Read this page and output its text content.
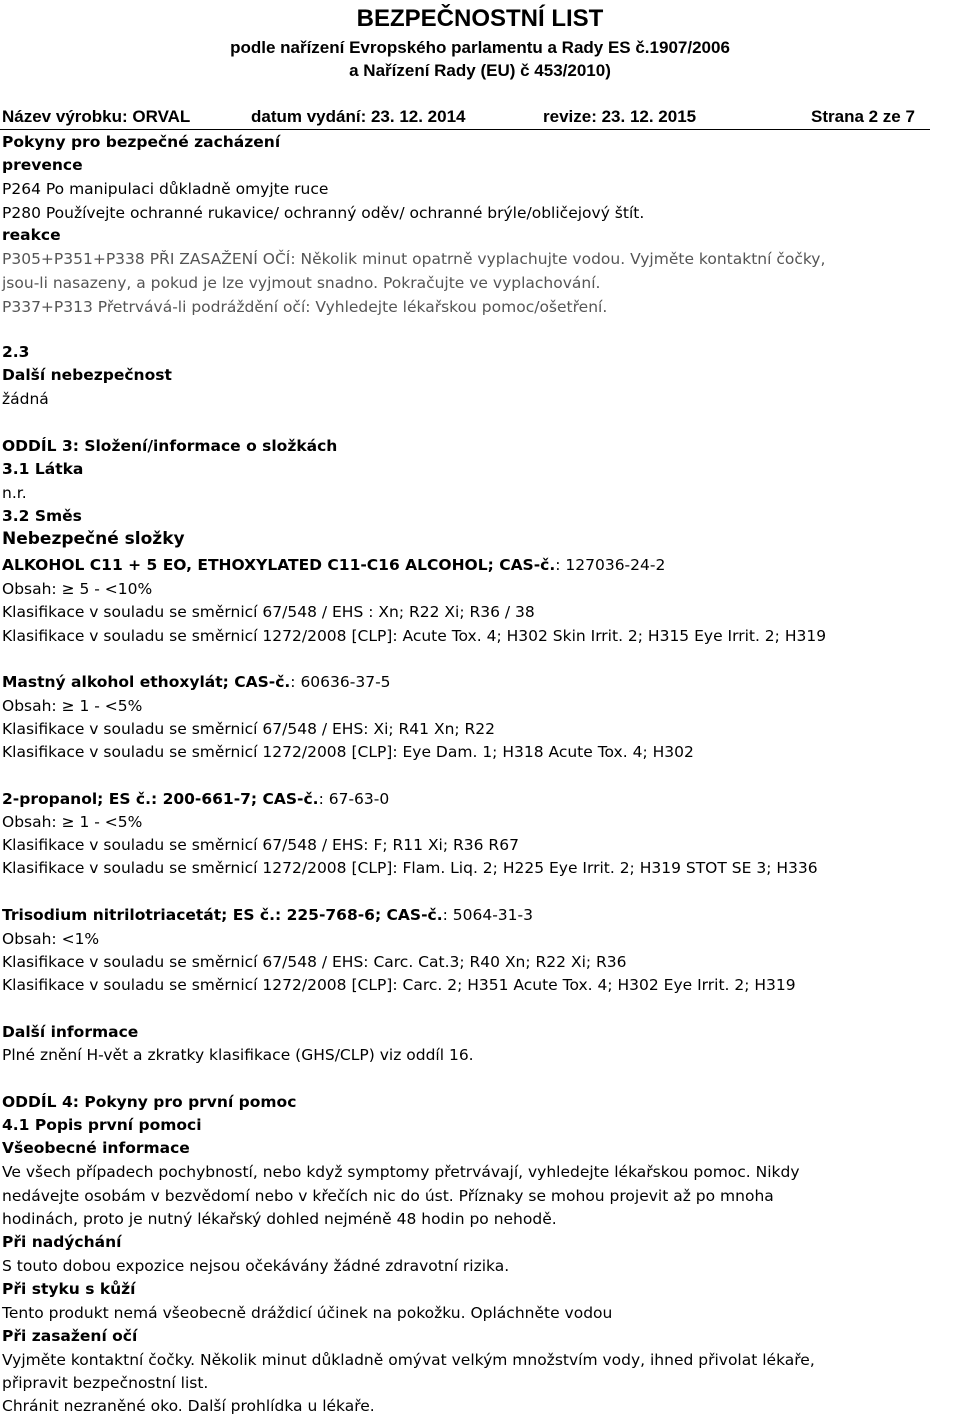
BEZPEČNOSTNÍ LIST
podle nařízení Evropského parlamentu a Rady ES č.1907/2006
a Nařízení Rady (EU) č 453/2010)
Název výrobku: ORVAL	datum vydání: 23. 12. 2014	revize: 23. 12. 2015	Strana 2 ze 7
Pokyny pro bezpečné zacházení
prevence
P264 Po manipulaci důkladně omyjte ruce
P280 Používejte ochranné rukavice/ ochranný oděv/ ochranné brýle/obličejový štít.
reakce
P305+P351+P338 PŘI ZASAŽENÍ OČÍ: Několik minut opatrně vyplachujte vodou. Vyjměte kontaktní čočky,
jsou-li nasazeny, a pokud je lze vyjmout snadno. Pokračujte ve vyplachování.
P337+P313 Přetrvává-li podráždění očí: Vyhledejte lékařskou pomoc/ošetření.
2.3
Další nebezpečnost
žádná
ODDÍL 3: Složení/informace o složkách
3.1 Látka
n.r.
3.2 Směs
Nebezpečné složky
ALKOHOL C11 + 5 EO, ETHOXYLATED C11-C16 ALCOHOL; CAS-č.: 127036-24-2
Obsah: ≥ 5 - <10%
Klasifikace v souladu se směrnicí 67/548 / EHS : Xn; R22 Xi; R36 / 38
Klasifikace v souladu se směrnicí 1272/2008 [CLP]: Acute Tox. 4; H302 Skin Irrit. 2; H315 Eye Irrit. 2; H319
Mastný alkohol ethoxylát; CAS-č.: 60636-37-5
Obsah: ≥ 1 - <5%
Klasifikace v souladu se směrnicí 67/548 / EHS: Xi; R41 Xn; R22
Klasifikace v souladu se směrnicí 1272/2008 [CLP]: Eye Dam. 1; H318 Acute Tox. 4; H302
2-propanol; ES č.: 200-661-7; CAS-č.: 67-63-0
Obsah: ≥ 1 - <5%
Klasifikace v souladu se směrnicí 67/548 / EHS: F; R11 Xi; R36 R67
Klasifikace v souladu se směrnicí 1272/2008 [CLP]: Flam. Liq. 2; H225 Eye Irrit. 2; H319 STOT SE 3; H336
Trisodium nitrilotriacetát; ES č.: 225-768-6; CAS-č.: 5064-31-3
Obsah: <1%
Klasifikace v souladu se směrnicí 67/548 / EHS: Carc. Cat.3; R40 Xn; R22 Xi; R36
Klasifikace v souladu se směrnicí 1272/2008 [CLP]: Carc. 2; H351 Acute Tox. 4; H302 Eye Irrit. 2; H319
Další informace
Plné znění H-vět a zkratky klasifikace (GHS/CLP) viz oddíl 16.
ODDÍL 4: Pokyny pro první pomoc
4.1 Popis první pomoci
Všeobecné informace
Ve všech případech pochybností, nebo když symptomy přetrvávají, vyhledejte lékařskou pomoc. Nikdy
nedávejte osobám v bezvědomí nebo v křečích nic do úst. Příznaky se mohou projevit až po mnoha
hodinách, proto je nutný lékařský dohled nejméně 48 hodin po nehodě.
Při nadýchání
S touto dobou expozice nejsou očekávány žádné zdravotní rizika.
Při styku s kůží
Tento produkt nemá všeobecně dráždicí účinek na pokožku. Opláchněte vodou
Při zasažení očí
Vyjměte kontaktní čočky. Několik minut důkladně omývat velkým množstvím vody, ihned přivolat lékaře,
připravit bezpečnostní list.
Chránit nezraněné oko. Další prohlídka u lékaře.
